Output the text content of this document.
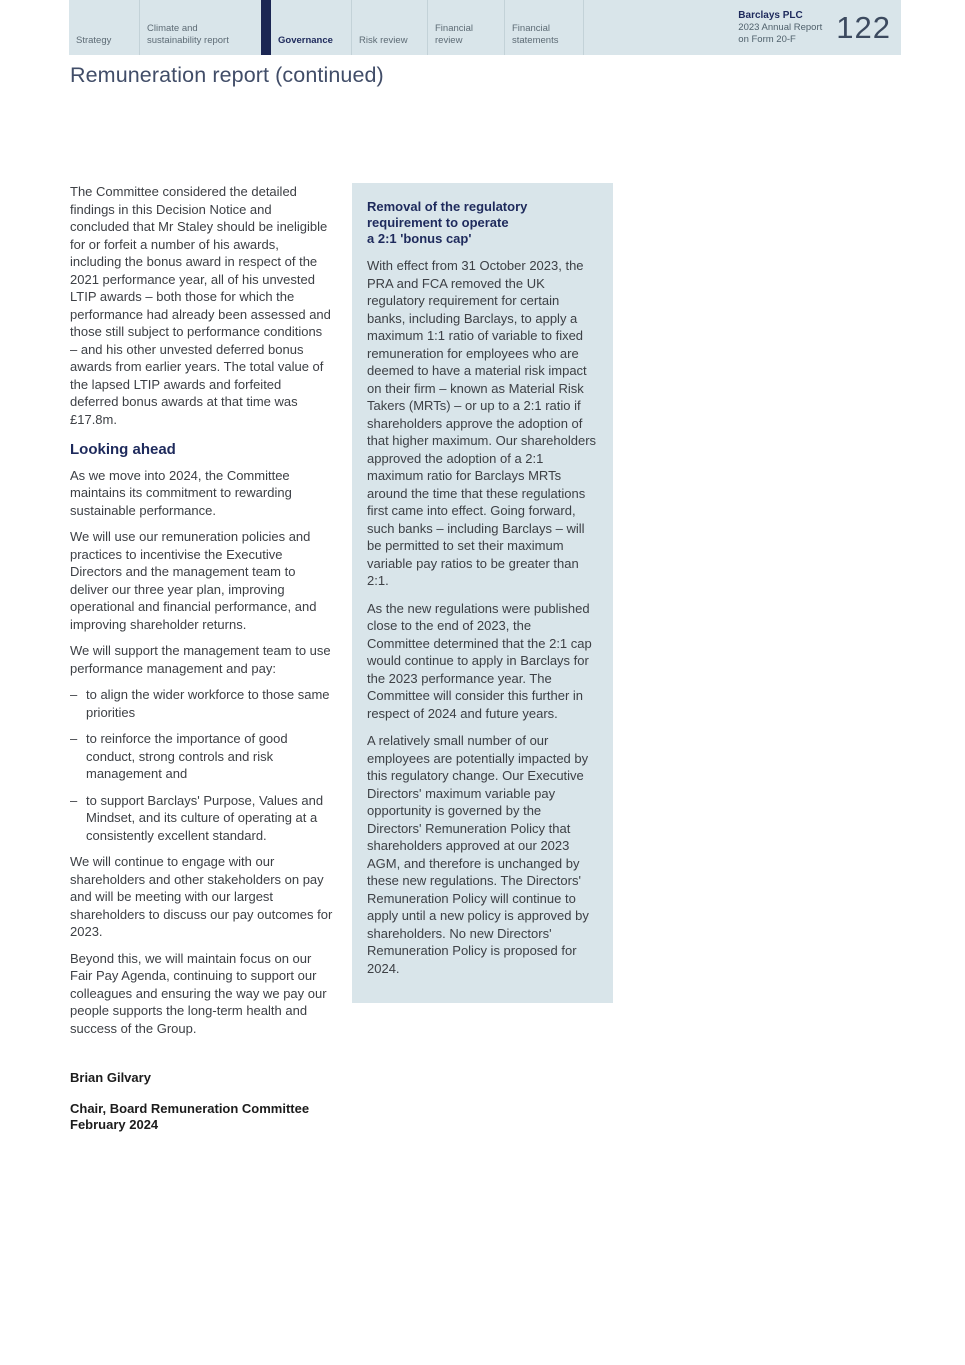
Strategy
Climate and sustainability report	Governance	Risk review
Financial review
Financial statements
Barclays PLC
2023 Annual Report
on Form 20-F	122
Remuneration report (continued)

The Committee considered the detailed findings in this Decision Notice and concluded that Mr Staley should be ineligible for or forfeit a number of his awards, including the bonus award in respect of the 2021 performance year, all of his unvested LTIP awards – both those for which the performance had already been assessed and those still subject to performance conditions – and his other unvested deferred bonus awards from earlier years. The total value of the lapsed LTIP awards and forfeited deferred bonus awards at that time was £17.8m.

Looking ahead

As we move into 2024, the Committee maintains its commitment to rewarding sustainable performance.

We will use our remuneration policies and practices to incentivise the Executive Directors and the management team to deliver our three year plan, improving operational and financial performance, and improving shareholder returns.

We will support the management team to use performance management and pay:

– to align the wider workforce to those same priorities
– to reinforce the importance of good conduct, strong controls and risk management and
– to support Barclays' Purpose, Values and Mindset, and its culture of operating at a consistently excellent standard.

We will continue to engage with our shareholders and other stakeholders on pay and will be meeting with our largest shareholders to discuss our pay outcomes for 2023.

Beyond this, we will maintain focus on our Fair Pay Agenda, continuing to support our colleagues and ensuring the way we pay our people supports the long-term health and success of the Group.

Brian Gilvary
Chair, Board Remuneration Committee
February 2024
Removal of the regulatory
requirement to operate
a 2:1 'bonus cap'

With effect from 31 October 2023, the PRA and FCA removed the UK regulatory requirement for certain banks, including Barclays, to apply a maximum 1:1 ratio of variable to fixed remuneration for employees who are deemed to have a material risk impact on their firm – known as Material Risk Takers (MRTs) – or up to a 2:1 ratio if shareholders approve the adoption of that higher maximum. Our shareholders approved the adoption of a 2:1 maximum ratio for Barclays MRTs around the time that these regulations first came into effect. Going forward, such banks – including Barclays – will be permitted to set their maximum variable pay ratios to be greater than 2:1.

As the new regulations were published close to the end of 2023, the Committee determined that the 2:1 cap would continue to apply in Barclays for the 2023 performance year. The Committee will consider this further in respect of 2024 and future years.

A relatively small number of our employees are potentially impacted by this regulatory change. Our Executive Directors' maximum variable pay opportunity is governed by the Directors' Remuneration Policy that shareholders approved at our 2023 AGM, and therefore is unchanged by these new regulations. The Directors' Remuneration Policy will continue to apply until a new policy is approved by shareholders. No new Directors' Remuneration Policy is proposed for 2024.
